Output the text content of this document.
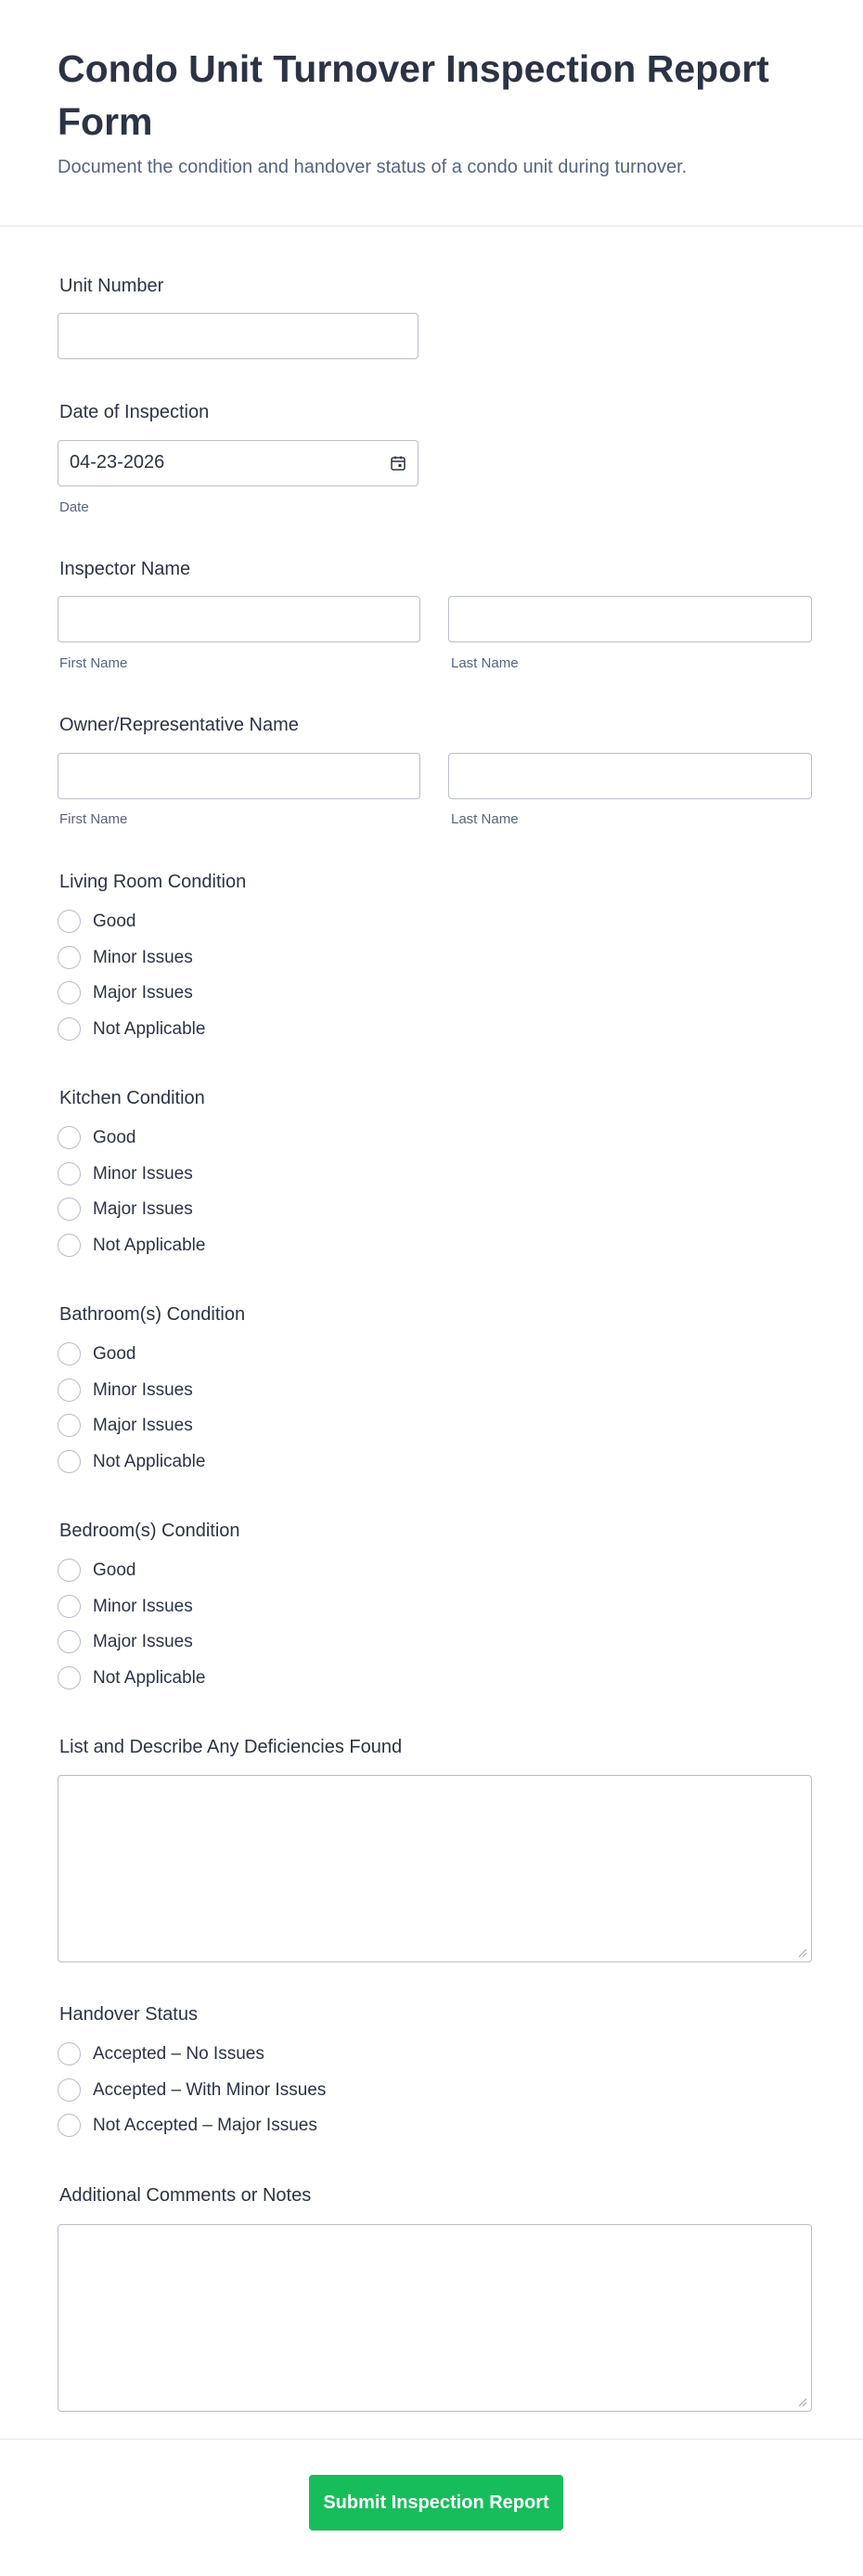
Condo Unit Turnover Inspection Report Form

Document the condition and handover status of a condo unit during turnover.

Unit Number
Date of Inspection
04-23-2026
Date
Inspector Name
First Name	Last Name
Owner/Representative Name
First Name	Last Name
Living Room Condition
Good
Minor Issues
Major Issues
Not Applicable
Kitchen Condition
Good
Minor Issues
Major Issues
Not Applicable
Bathroom(s) Condition
Good
Minor Issues
Major Issues
Not Applicable
Bedroom(s) Condition
Good
Minor Issues
Major Issues
Not Applicable
List and Describe Any Deficiencies Found
Handover Status
Accepted – No Issues
Accepted – With Minor Issues
Not Accepted – Major Issues
Additional Comments or Notes
Submit Inspection Report
